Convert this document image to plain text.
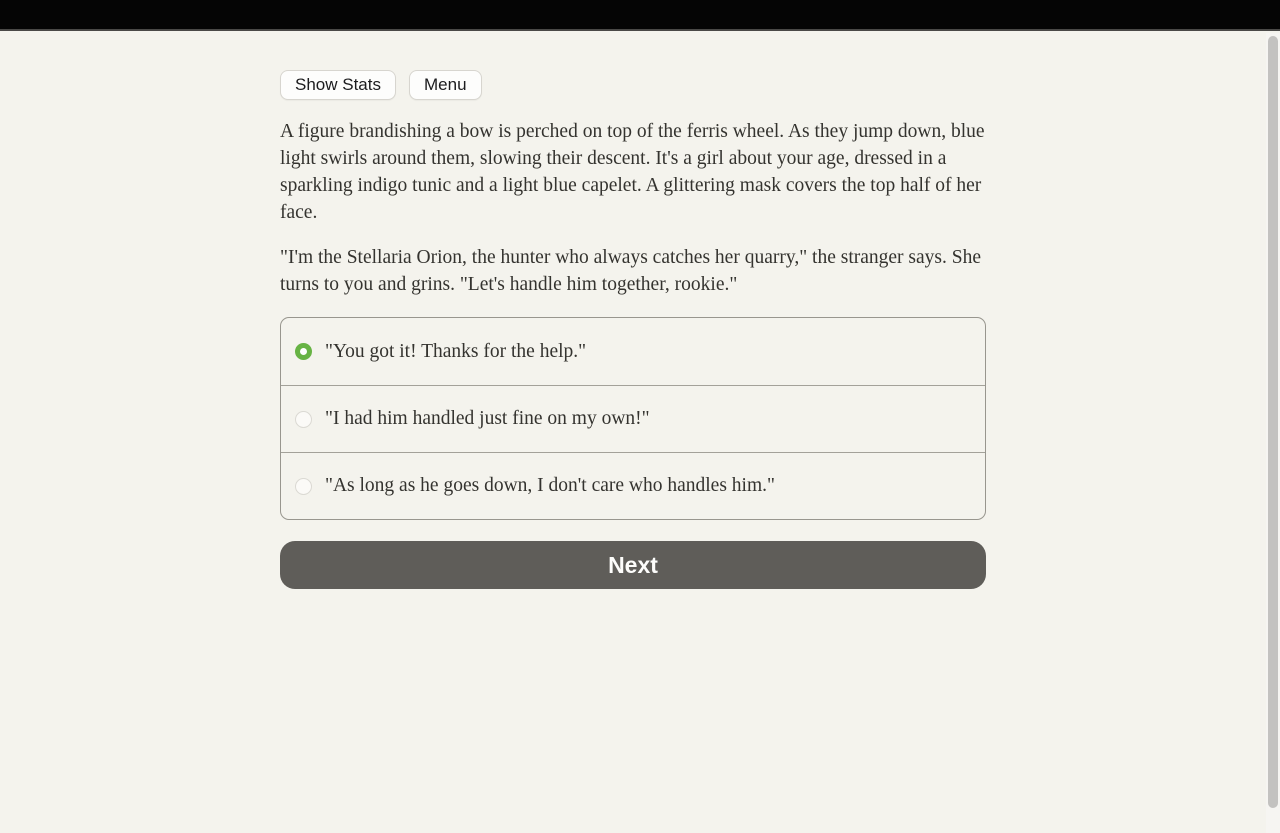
Show Stats	Menu

A figure brandishing a bow is perched on top of the ferris wheel. As they jump down, blue light swirls around them, slowing their descent. It's a girl about your age, dressed in a sparkling indigo tunic and a light blue capelet. A glittering mask covers the top half of her face.

"I'm the Stellaria Orion, the hunter who always catches her quarry," the stranger says. She turns to you and grins. "Let's handle him together, rookie."

"You got it! Thanks for the help."
"I had him handled just fine on my own!"
"As long as he goes down, I don't care who handles him."
Next
